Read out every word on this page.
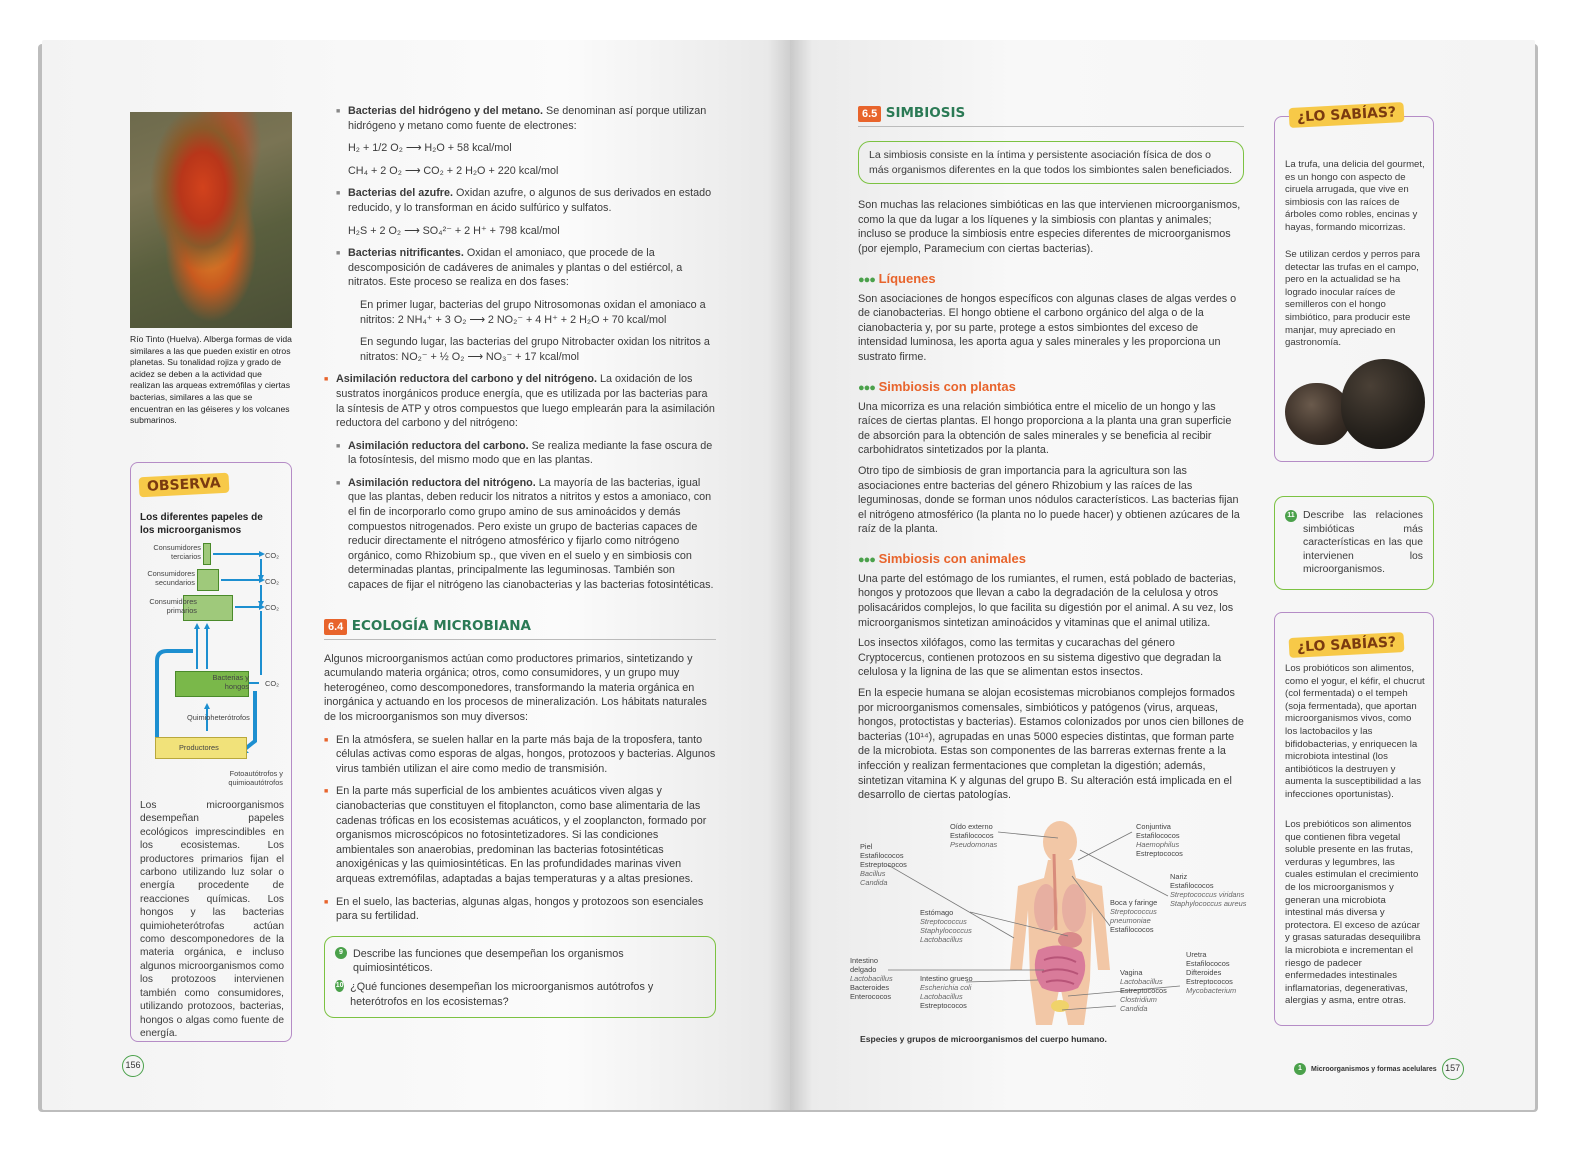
Río Tinto (Huelva). Alberga formas de vida similares a las que pueden existir en otros planetas. Su tonalidad rojiza y grado de acidez se deben a la actividad que realizan las arqueas extremófilas y ciertas bacterias, similares a las que se encuentran en las géiseres y los volcanes submarinos.
OBSERVA
Los diferentes papeles de los microorganismos
Consumidores terciarios
Consumidores secundarios
Consumidores primarios
CO₂
CO₂
CO₂
CO₂
Bacterias y hongos
Quimioheterótrofos
Productores
Fotoautótrofos y quimioautótrofos
Los microorganismos desempeñan papeles ecológicos imprescindibles en los ecosistemas. Los productores primarios fijan el carbono utilizando luz solar o energía procedente de reacciones químicas. Los hongos y las bacterias quimioheterótrofas actúan como descomponedores de la materia orgánica, e incluso algunos microorganismos como los protozoos intervienen también como consumidores, utilizando protozoos, bacterias, hongos o algas como fuente de energía.
156
Bacterias del hidrógeno y del metano. Se denominan así porque utilizan hidrógeno y metano como fuente de electrones:
H₂ + 1/2 O₂ ⟶ H₂O + 58 kcal/mol
CH₄ + 2 O₂ ⟶ CO₂ + 2 H₂O + 220 kcal/mol
Bacterias del azufre. Oxidan azufre, o algunos de sus derivados en estado reducido, y lo transforman en ácido sulfúrico y sulfatos.
H₂S + 2 O₂ ⟶ SO₄²⁻ + 2 H⁺ + 798 kcal/mol
Bacterias nitrificantes. Oxidan el amoniaco, que procede de la descomposición de cadáveres de animales y plantas o del estiércol, a nitratos. Este proceso se realiza en dos fases:
En primer lugar, bacterias del grupo Nitrosomonas oxidan el amoniaco a nitritos: 2 NH₄⁺ + 3 O₂ ⟶ 2 NO₂⁻ + 4 H⁺ + 2 H₂O + 70 kcal/mol
En segundo lugar, las bacterias del grupo Nitrobacter oxidan los nitritos a nitratos: NO₂⁻ + ½ O₂ ⟶ NO₃⁻ + 17 kcal/mol
Asimilación reductora del carbono y del nitrógeno. La oxidación de los sustratos inorgánicos produce energía, que es utilizada por las bacterias para la síntesis de ATP y otros compuestos que luego emplearán para la asimilación reductora del carbono y del nitrógeno:
Asimilación reductora del carbono. Se realiza mediante la fase oscura de la fotosíntesis, del mismo modo que en las plantas.
Asimilación reductora del nitrógeno. La mayoría de las bacterias, igual que las plantas, deben reducir los nitratos a nitritos y estos a amoniaco, con el fin de incorporarlo como grupo amino de sus aminoácidos y demás compuestos nitrogenados. Pero existe un grupo de bacterias capaces de reducir directamente el nitrógeno atmosférico y fijarlo como nitrógeno orgánico, como Rhizobium sp., que viven en el suelo y en simbiosis con determinadas plantas, principalmente las leguminosas. También son capaces de fijar el nitrógeno las cianobacterias y las bacterias fotosintéticas.
6.4 ECOLOGÍA MICROBIANA
Algunos microorganismos actúan como productores primarios, sintetizando y acumulando materia orgánica; otros, como consumidores, y un grupo muy heterogéneo, como descomponedores, transformando la materia orgánica en inorgánica y actuando en los procesos de mineralización. Los hábitats naturales de los microorganismos son muy diversos:
En la atmósfera, se suelen hallar en la parte más baja de la troposfera, tanto células activas como esporas de algas, hongos, protozoos y bacterias. Algunos virus también utilizan el aire como medio de transmisión.
En la parte más superficial de los ambientes acuáticos viven algas y cianobacterias que constituyen el fitoplancton, como base alimentaria de las cadenas tróficas en los ecosistemas acuáticos, y el zooplancton, formado por organismos microscópicos no fotosintetizadores. Si las condiciones ambientales son anaerobias, predominan las bacterias fotosintéticas anoxigénicas y las quimiosintéticas. En las profundidades marinas viven arqueas extremófilas, adaptadas a bajas temperaturas y a altas presiones.
En el suelo, las bacterias, algunas algas, hongos y protozoos son esenciales para su fertilidad.
9 Describe las funciones que desempeñan los organismos quimiosintéticos.
10 ¿Qué funciones desempeñan los microorganismos autótrofos y heterótrofos en los ecosistemas?
6.5 SIMBIOSIS
La simbiosis consiste en la íntima y persistente asociación física de dos o más organismos diferentes en la que todos los simbiontes salen beneficiados.
Son muchas las relaciones simbióticas en las que intervienen microorganismos, como la que da lugar a los líquenes y la simbiosis con plantas y animales; incluso se produce la simbiosis entre especies diferentes de microorganismos (por ejemplo, Paramecium con ciertas bacterias).
●●● Líquenes
Son asociaciones de hongos específicos con algunas clases de algas verdes o de cianobacterias. El hongo obtiene el carbono orgánico del alga o de la cianobacteria y, por su parte, protege a estos simbiontes del exceso de intensidad luminosa, les aporta agua y sales minerales y les proporciona un sustrato firme.
●●● Simbiosis con plantas
Una micorriza es una relación simbiótica entre el micelio de un hongo y las raíces de ciertas plantas. El hongo proporciona a la planta una gran superficie de absorción para la obtención de sales minerales y se beneficia al recibir carbohidratos sintetizados por la planta.
Otro tipo de simbiosis de gran importancia para la agricultura son las asociaciones entre bacterias del género Rhizobium y las raíces de las leguminosas, donde se forman unos nódulos característicos. Las bacterias fijan el nitrógeno atmosférico (la planta no lo puede hacer) y obtienen azúcares de la raíz de la planta.
●●● Simbiosis con animales
Una parte del estómago de los rumiantes, el rumen, está poblado de bacterias, hongos y protozoos que llevan a cabo la degradación de la celulosa y otros polisacáridos complejos, lo que facilita su digestión por el animal. A su vez, los microorganismos sintetizan aminoácidos y vitaminas que el animal utiliza.
Los insectos xilófagos, como las termitas y cucarachas del género Cryptocercus, contienen protozoos en su sistema digestivo que degradan la celulosa y la lignina de las que se alimentan estos insectos.
En la especie humana se alojan ecosistemas microbianos complejos formados por microorganismos comensales, simbióticos y patógenos (virus, arqueas, hongos, protoctistas y bacterias). Estamos colonizados por unos cien billones de bacterias (10¹⁴), agrupadas en unas 5000 especies distintas, que forman parte de la microbiota. Estas son componentes de las barreras externas frente a la infección y realizan fermentaciones que completan la digestión; además, sintetizan vitamina K y algunas del grupo B. Su alteración está implicada en el desarrollo de ciertas patologías.
Oído externo
Estafilococos
Pseudomonas
Piel
Estafilococos
Estreptococos
Bacillus
Candida
Conjuntiva
Estafilococos
Haemophilus
Estreptococos
Nariz
Estafilococos
Streptococcus viridans
Staphylococcus aureus
Estómago
Streptococcus
Staphylococcus
Lactobacillus
Boca y faringe
Streptococcus
pneumoniae
Estafilococos
Intestino delgado
Lactobacillus
Bacteroides
Enterococos
Intestino grueso
Escherichia coli
Lactobacillus
Estreptococos
Uretra
Estafilococos
Difteroides
Estreptococos
Mycobacterium
Vagina
Lactobacillus
Estreptococos
Clostridium
Candida
Especies y grupos de microorganismos del cuerpo humano.
¿LO SABÍAS?
La trufa, una delicia del gourmet, es un hongo con aspecto de ciruela arrugada, que vive en simbiosis con las raíces de árboles como robles, encinas y hayas, formando micorrizas.
Se utilizan cerdos y perros para detectar las trufas en el campo, pero en la actualidad se ha logrado inocular raíces de semilleros con el hongo simbiótico, para producir este manjar, muy apreciado en gastronomía.
11 Describe las relaciones simbióticas más características en las que intervienen los microorganismos.
¿LO SABÍAS?
Los probióticos son alimentos, como el yogur, el kéfir, el chucrut (col fermentada) o el tempeh (soja fermentada), que aportan microorganismos vivos, como los lactobacilos y las bifidobacterias, y enriquecen la microbiota intestinal (los antibióticos la destruyen y aumenta la susceptibilidad a las infecciones oportunistas).
Los prebióticos son alimentos que contienen fibra vegetal soluble presente en las frutas, verduras y legumbres, las cuales estimulan el crecimiento de los microorganismos y generan una microbiota intestinal más diversa y protectora. El exceso de azúcar y grasas saturadas desequilibra la microbiota e incrementan el riesgo de padecer enfermedades intestinales inflamatorias, degenerativas, alergias y asma, entre otras.
1	Microorganismos y formas acelulares 157
